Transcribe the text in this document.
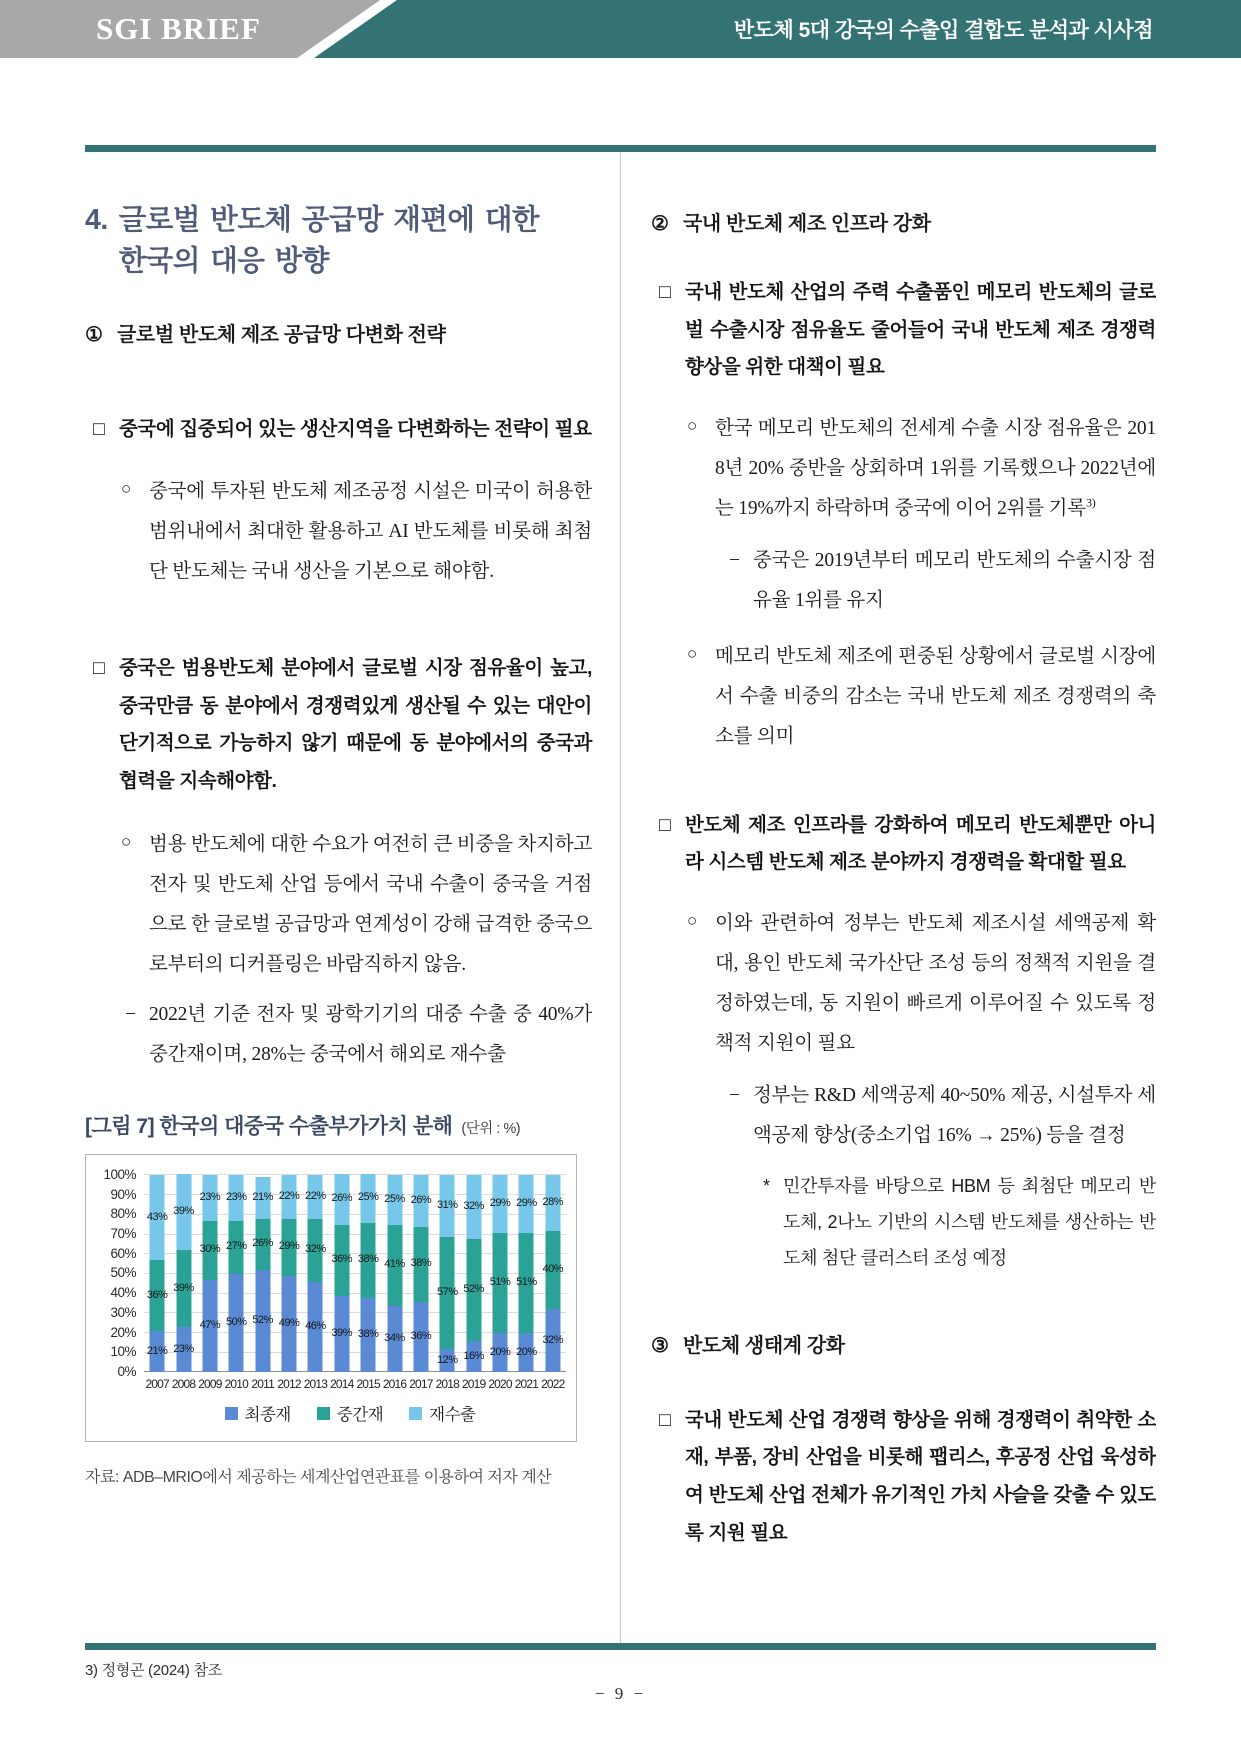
SGI BRIEF	반도체 5대 강국의 수출입 결합도 분석과 시사점
4. 글로벌 반도체 공급망 재편에 대한
한국의 대응 방향
① 글로벌 반도체 제조 공급망 다변화 전략
□ 중국에 집중되어 있는 생산지역을 다변화하는 전략이 필요
○ 중국에 투자된 반도체 제조공정 시설은 미국이 허용한 범위내에서 최대한 활용하고 AI 반도체를 비롯해 최첨단 반도체는 국내 생산을 기본으로 해야함.
□ 중국은 범용반도체 분야에서 글로벌 시장 점유율이 높고, 중국만큼 동 분야에서 경쟁력있게 생산될 수 있는 대안이 단기적으로 가능하지 않기 때문에 동 분야에서의 중국과 협력을 지속해야함.
○ 범용 반도체에 대한 수요가 여전히 큰 비중을 차지하고 전자 및 반도체 산업 등에서 국내 수출이 중국을 거점으로 한 글로벌 공급망과 연계성이 강해 급격한 중국으로부터의 디커플링은 바람직하지 않음.
− 2022년 기준 전자 및 광학기기의 대중 수출 중 40%가 중간재이며, 28%는 중국에서 해외로 재수출
[그림 7] 한국의 대중국 수출부가가치 분해 (단위 : %)
0%
10%
20%
30%
40%
50%
60%
70%
80%
90%
100%
21%
36%
43%
23%
39%
39%
47%
30%
23%
50%
27%
23%
52%
26%
21%
49%
29%
22%
46%
32%
22%
39%
36%
26%
38%
38%
25%
34%
41%
25%
36%
38%
26%
12%
57%
31%
16%
52%
32%
20%
51%
29%
20%
51%
29%
32%
40%
28%
2007 2008 2009 2010 2011 2012 2013 2014 2015 2016 2017 2018 2019 2020 2021 2022
최종재	중간재	재수출
자료: ADB–MRIO에서 제공하는 세계산업연관표를 이용하여 저자 계산
② 국내 반도체 제조 인프라 강화
□ 국내 반도체 산업의 주력 수출품인 메모리 반도체의 글로벌 수출시장 점유율도 줄어들어 국내 반도체 제조 경쟁력 향상을 위한 대책이 필요
○ 한국 메모리 반도체의 전세계 수출 시장 점유율은 2018년 20% 중반을 상회하며 1위를 기록했으나 2022년에는 19%까지 하락하며 중국에 이어 2위를 기록$^{3)}$
− 중국은 2019년부터 메모리 반도체의 수출시장 점유율 1위를 유지
○ 메모리 반도체 제조에 편중된 상황에서 글로벌 시장에서 수출 비중의 감소는 국내 반도체 제조 경쟁력의 축소를 의미
□ 반도체 제조 인프라를 강화하여 메모리 반도체뿐만 아니라 시스템 반도체 제조 분야까지 경쟁력을 확대할 필요
○ 이와 관련하여 정부는 반도체 제조시설 세액공제 확대, 용인 반도체 국가산단 조성 등의 정책적 지원을 결정하였는데, 동 지원이 빠르게 이루어질 수 있도록 정책적 지원이 필요
− 정부는 R&D 세액공제 40~50% 제공, 시설투자 세액공제 향상(중소기업 16% → 25%) 등을 결정
* 민간투자를 바탕으로 HBM 등 최첨단 메모리 반도체, 2나노 기반의 시스템 반도체를 생산하는 반도체 첨단 클러스터 조성 예정
③ 반도체 생태계 강화
□ 국내 반도체 산업 경쟁력 향상을 위해 경쟁력이 취약한 소재, 부품, 장비 산업을 비롯해 팹리스, 후공정 산업 육성하여 반도체 산업 전체가 유기적인 가치 사슬을 갖출 수 있도록 지원 필요
3) 정형곤 (2024) 참조
− 9 −
